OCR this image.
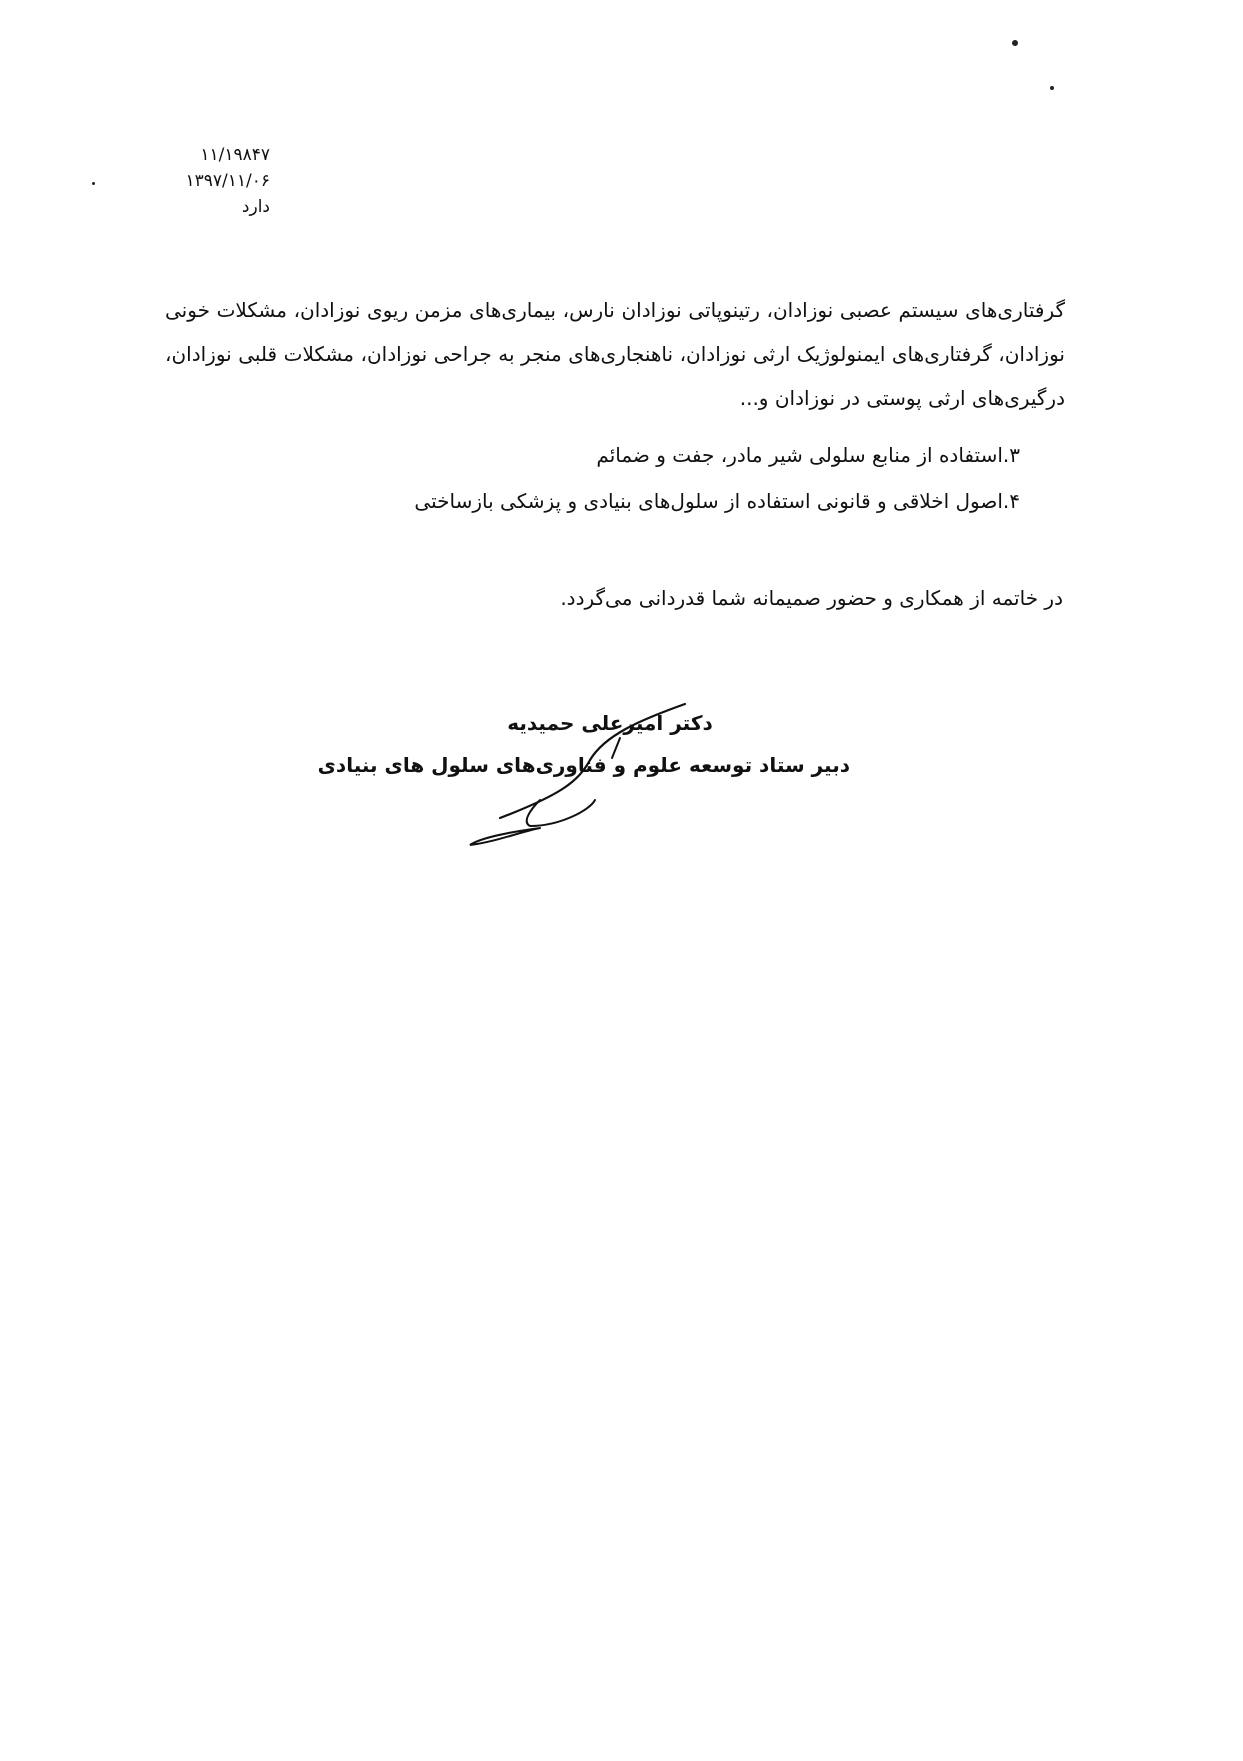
۱۱/۱۹۸۴۷
۱۳۹۷/۱۱/۰۶
دارد

گرفتاری‌های سیستم عصبی نوزادان، رتینوپاتی نوزادان نارس، بیماری‌های مزمن ریوی نوزادان، مشکلات خونی نوزادان، گرفتاری‌های ایمنولوژیک ارثی نوزادان، ناهنجاری‌های منجر به جراحی نوزادان، مشکلات قلبی نوزادان، درگیری‌های ارثی پوستی در نوزادان و...

۳.استفاده از منابع سلولی شیر مادر، جفت و ضمائم
۴.اصول اخلاقی و قانونی استفاده از سلول‌های بنیادی و پزشکی بازساختی
در خاتمه از همکاری و حضور صمیمانه شما قدردانی می‌گردد.
دکتر امیرعلی حمیدیه
دبیر ستاد توسعه علوم و فناوری‌های سلول های بنیادی
